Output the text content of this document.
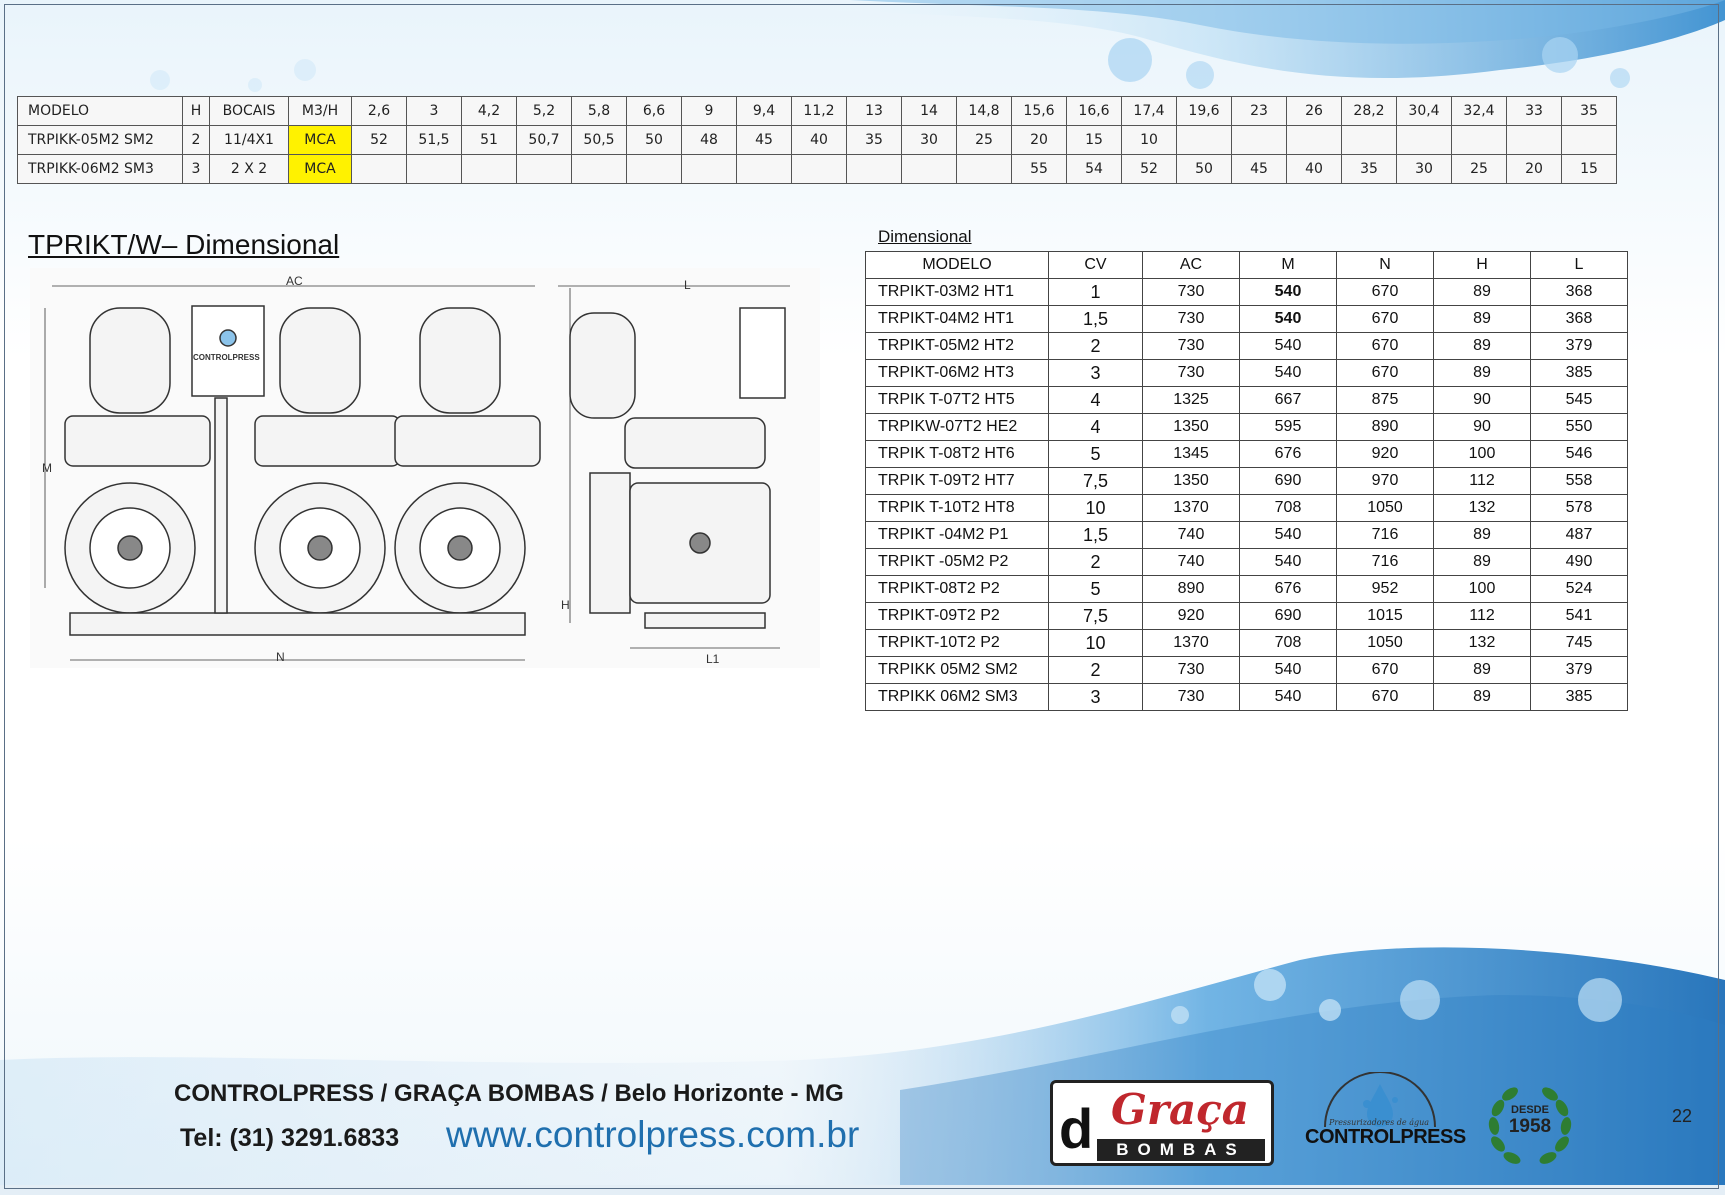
MODELO	H	BOCAIS	M3/H	2,6	3	4,2	5,2	5,8	6,6	9	9,4	11,2	13	14	14,8	15,6	16,6	17,4	19,6	23	26	28,2	30,4	32,4	33	35
TRPIKK-05M2 SM2	2	11/4X1	MCA	52	51,5	51	50,7	50,5	50	48	45	40	35	30	25	20	15	10								
TRPIKK-06M2 SM3	3	2 X 2	MCA													55	54	52	50	45	40	35	30	25	20	15
TPRIKT/W– Dimensional
AC
M
N
L
H
L1
CONTROLPRESS
Dimensional
MODELO	CV	AC	M	N	H	L
TRPIKT-03M2 HT1	1	730	540	670	89	368
TRPIKT-04M2 HT1	1,5	730	540	670	89	368
TRPIKT-05M2 HT2	2	730	540	670	89	379
TRPIKT-06M2 HT3	3	730	540	670	89	385
TRPIK T-07T2 HT5	4	1325	667	875	90	545
TRPIKW-07T2 HE2	4	1350	595	890	90	550
TRPIK T-08T2 HT6	5	1345	676	920	100	546
TRPIK T-09T2 HT7	7,5	1350	690	970	112	558
TRPIK T-10T2 HT8	10	1370	708	1050	132	578
TRPIKT -04M2 P1	1,5	740	540	716	89	487
TRPIKT -05M2 P2	2	740	540	716	89	490
TRPIKT-08T2 P2	5	890	676	952	100	524
TRPIKT-09T2 P2	7,5	920	690	1015	112	541
TRPIKT-10T2 P2	10	1370	708	1050	132	745
TRPIKK 05M2 SM2	2	730	540	670	89	379
TRPIKK 06M2 SM3	3	730	540	670	89	385
CONTROLPRESS / GRAÇA BOMBAS / Belo Horizonte - MG
Tel: (31) 3291.6833 www.controlpress.com.br	d Graça
BOMBAS
Pressurizadores de água
CONTROLPRESS
DESDE
1958	22
